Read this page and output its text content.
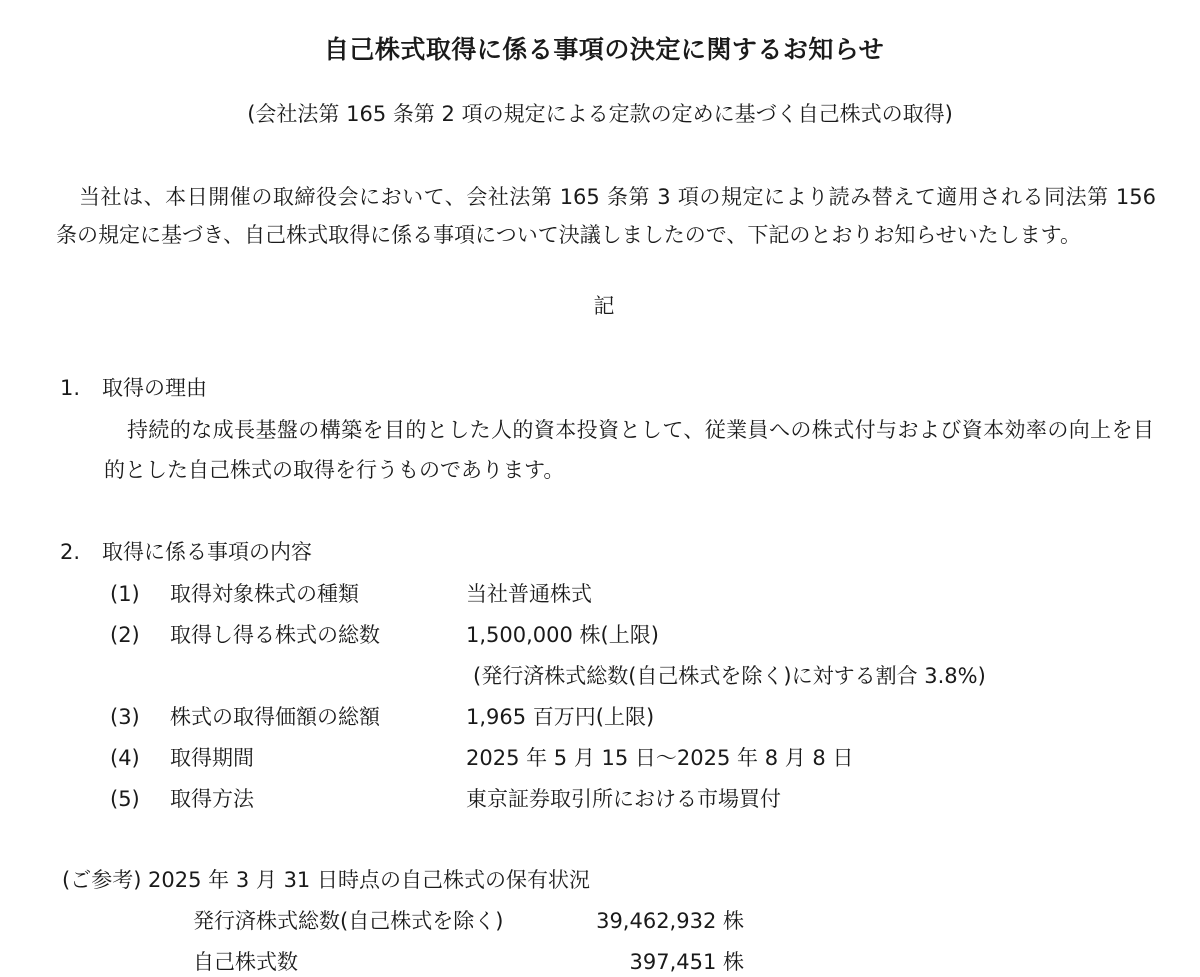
自己株式取得に係る事項の決定に関するお知らせ
(会社法第 165 条第 2 項の規定による定款の定めに基づく自己株式の取得)
当社は、本日開催の取締役会において、会社法第 165 条第 3 項の規定により読み替えて適用される同法第 156 条の規定に基づき、自己株式取得に係る事項について決議しましたので、下記のとおりお知らせいたします。
記
1. 取得の理由
持続的な成長基盤の構築を目的とした人的資本投資として、従業員への株式付与および資本効率の向上を目的とした自己株式の取得を行うものであります。
2. 取得に係る事項の内容
(1) 取得対象株式の種類	当社普通株式
(2) 取得し得る株式の総数	1,500,000 株(上限)
(発行済株式総数(自己株式を除く)に対する割合 3.8%)
(3) 株式の取得価額の総額	1,965 百万円(上限)
(4) 取得期間	2025 年 5 月 15 日〜2025 年 8 月 8 日
(5) 取得方法	東京証券取引所における市場買付
(ご参考) 2025 年 3 月 31 日時点の自己株式の保有状況
発行済株式総数(自己株式を除く)	39,462,932 株
自己株式数	397,451 株
